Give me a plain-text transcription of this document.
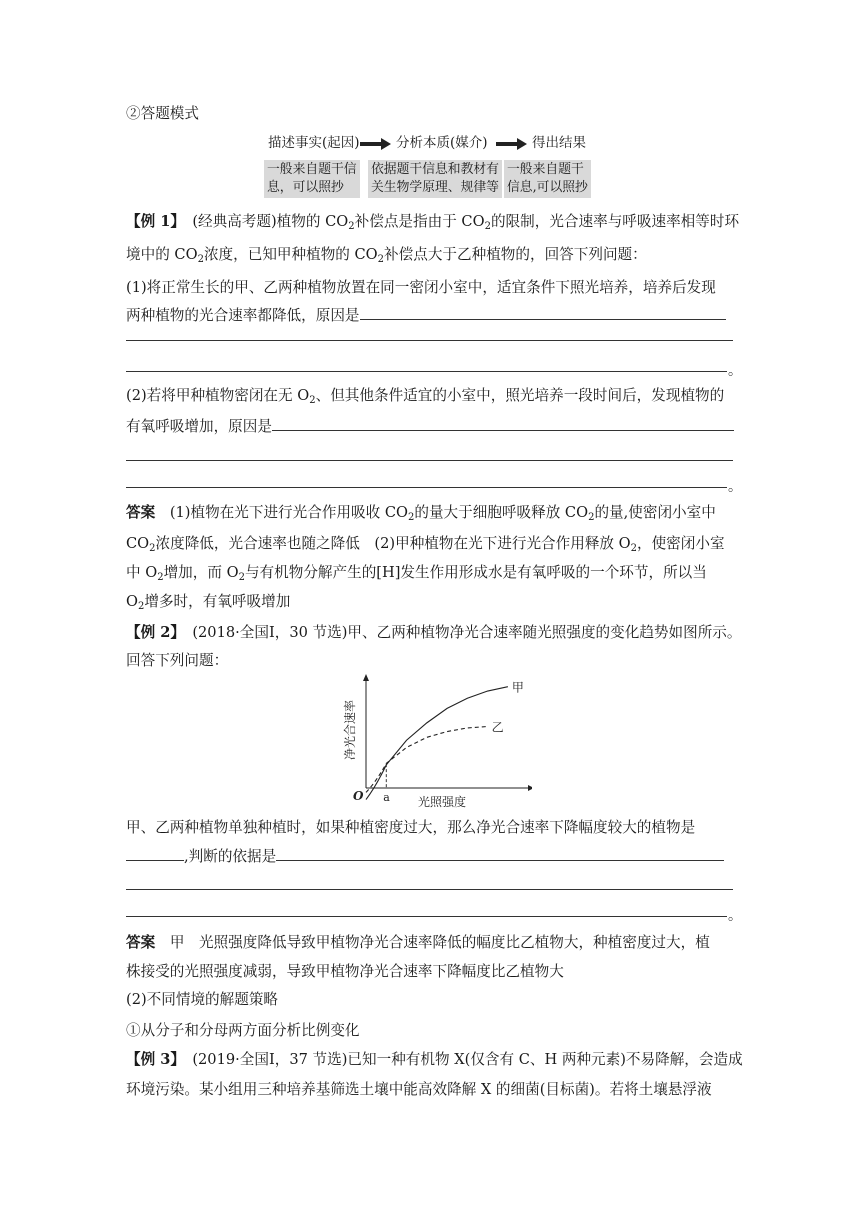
②答题模式
描述事实(起因)	分析本质(媒介)	得出结果
一般来自题干信
息，可以照抄
依据题干信息和教材有
关生物学原理、规律等
一般来自题干
信息,可以照抄
【例 1】　 (经典高考题)植物的 $CO_2$补偿点是指由于 $CO_2$的限制，光合速率与呼吸速率相等时环
境中的 $CO_2$浓度，已知甲种植物的 $CO_2$补偿点大于乙种植物的，回答下列问题：
(1)将正常生长的甲、乙两种植物放置在同一密闭小室中，适宜条件下照光培养，培养后发现
两种植物的光合速率都降低，原因是
。
(2)若将甲种植物密闭在无 $O_2$、但其他条件适宜的小室中，照光培养一段时间后，发现植物的
有氧呼吸增加，原因是
。
答案　 (1)植物在光下进行光合作用吸收 $CO_2$的量大于细胞呼吸释放 $CO_2$的量,使密闭小室中
$CO_2$浓度降低，光合速率也随之降低　(2)甲种植物在光下进行光合作用释放 $O_2$，使密闭小室
中 $O_2$增加，而 $O_2$与有机物分解产生的[H]发生作用形成水是有氧呼吸的一个环节，所以当
$O_2$增多时，有氧呼吸增加
【例 2】　 (2018·全国Ⅰ，30 节选)甲、乙两种植物净光合速率随光照强度的变化趋势如图所示。
回答下列问题：
甲
乙
O a 光照强度
净光合速率
甲、乙两种植物单独种植时，如果种植密度过大，那么净光合速率下降幅度较大的植物是
,判断的依据是
。
答案　 甲　光照强度降低导致甲植物净光合速率降低的幅度比乙植物大，种植密度过大，植
株接受的光照强度减弱，导致甲植物净光合速率下降幅度比乙植物大
(2)不同情境的解题策略
①从分子和分母两方面分析比例变化
【例 3】　 (2019·全国Ⅰ，37 节选)已知一种有机物 X(仅含有 C、H 两种元素)不易降解，会造成
环境污染。某小组用三种培养基筛选土壤中能高效降解 X 的细菌(目标菌)。若将土壤悬浮液
